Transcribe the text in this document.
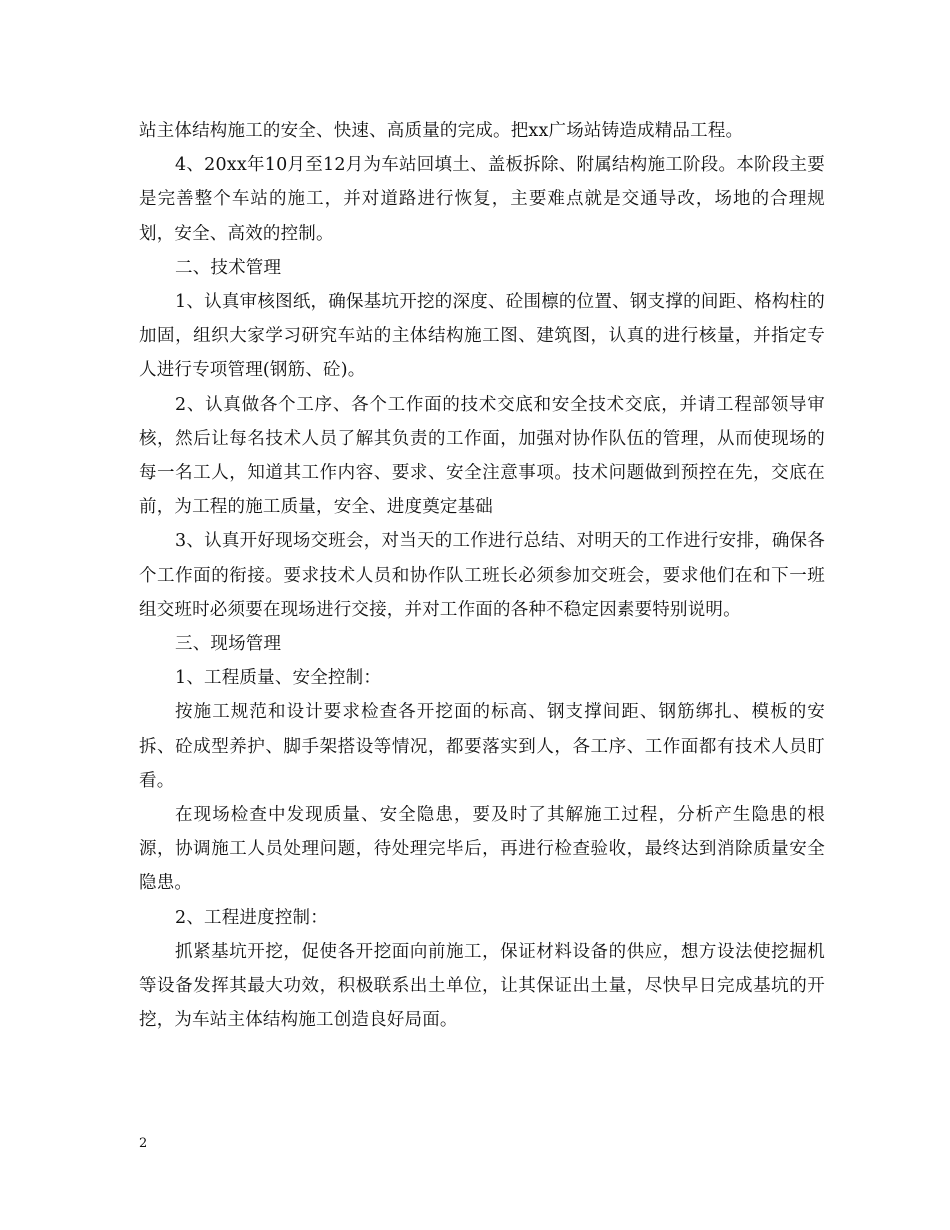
站主体结构施工的安全、快速、高质量的完成。把xx广场站铸造成精品工程。

4、20xx年10月至12月为车站回填土、盖板拆除、附属结构施工阶段。本阶段主要是完善整个车站的施工，并对道路进行恢复，主要难点就是交通导改，场地的合理规划，安全、高效的控制。

二、技术管理

1、认真审核图纸，确保基坑开挖的深度、砼围檩的位置、钢支撑的间距、格构柱的加固，组织大家学习研究车站的主体结构施工图、建筑图，认真的进行核量，并指定专人进行专项管理(钢筋、砼)。

2、认真做各个工序、各个工作面的技术交底和安全技术交底，并请工程部领导审核，然后让每名技术人员了解其负责的工作面，加强对协作队伍的管理，从而使现场的每一名工人，知道其工作内容、要求、安全注意事项。技术问题做到预控在先，交底在前，为工程的施工质量，安全、进度奠定基础

3、认真开好现场交班会，对当天的工作进行总结、对明天的工作进行安排，确保各个工作面的衔接。要求技术人员和协作队工班长必须参加交班会，要求他们在和下一班组交班时必须要在现场进行交接，并对工作面的各种不稳定因素要特别说明。

三、现场管理

1、工程质量、安全控制：

按施工规范和设计要求检查各开挖面的标高、钢支撑间距、钢筋绑扎、模板的安拆、砼成型养护、脚手架搭设等情况，都要落实到人，各工序、工作面都有技术人员盯看。

在现场检查中发现质量、安全隐患，要及时了其解施工过程，分析产生隐患的根源，协调施工人员处理问题，待处理完毕后，再进行检查验收，最终达到消除质量安全隐患。

2、工程进度控制：

抓紧基坑开挖，促使各开挖面向前施工，保证材料设备的供应，想方设法使挖掘机等设备发挥其最大功效，积极联系出土单位，让其保证出土量，尽快早日完成基坑的开挖，为车站主体结构施工创造良好局面。

2
